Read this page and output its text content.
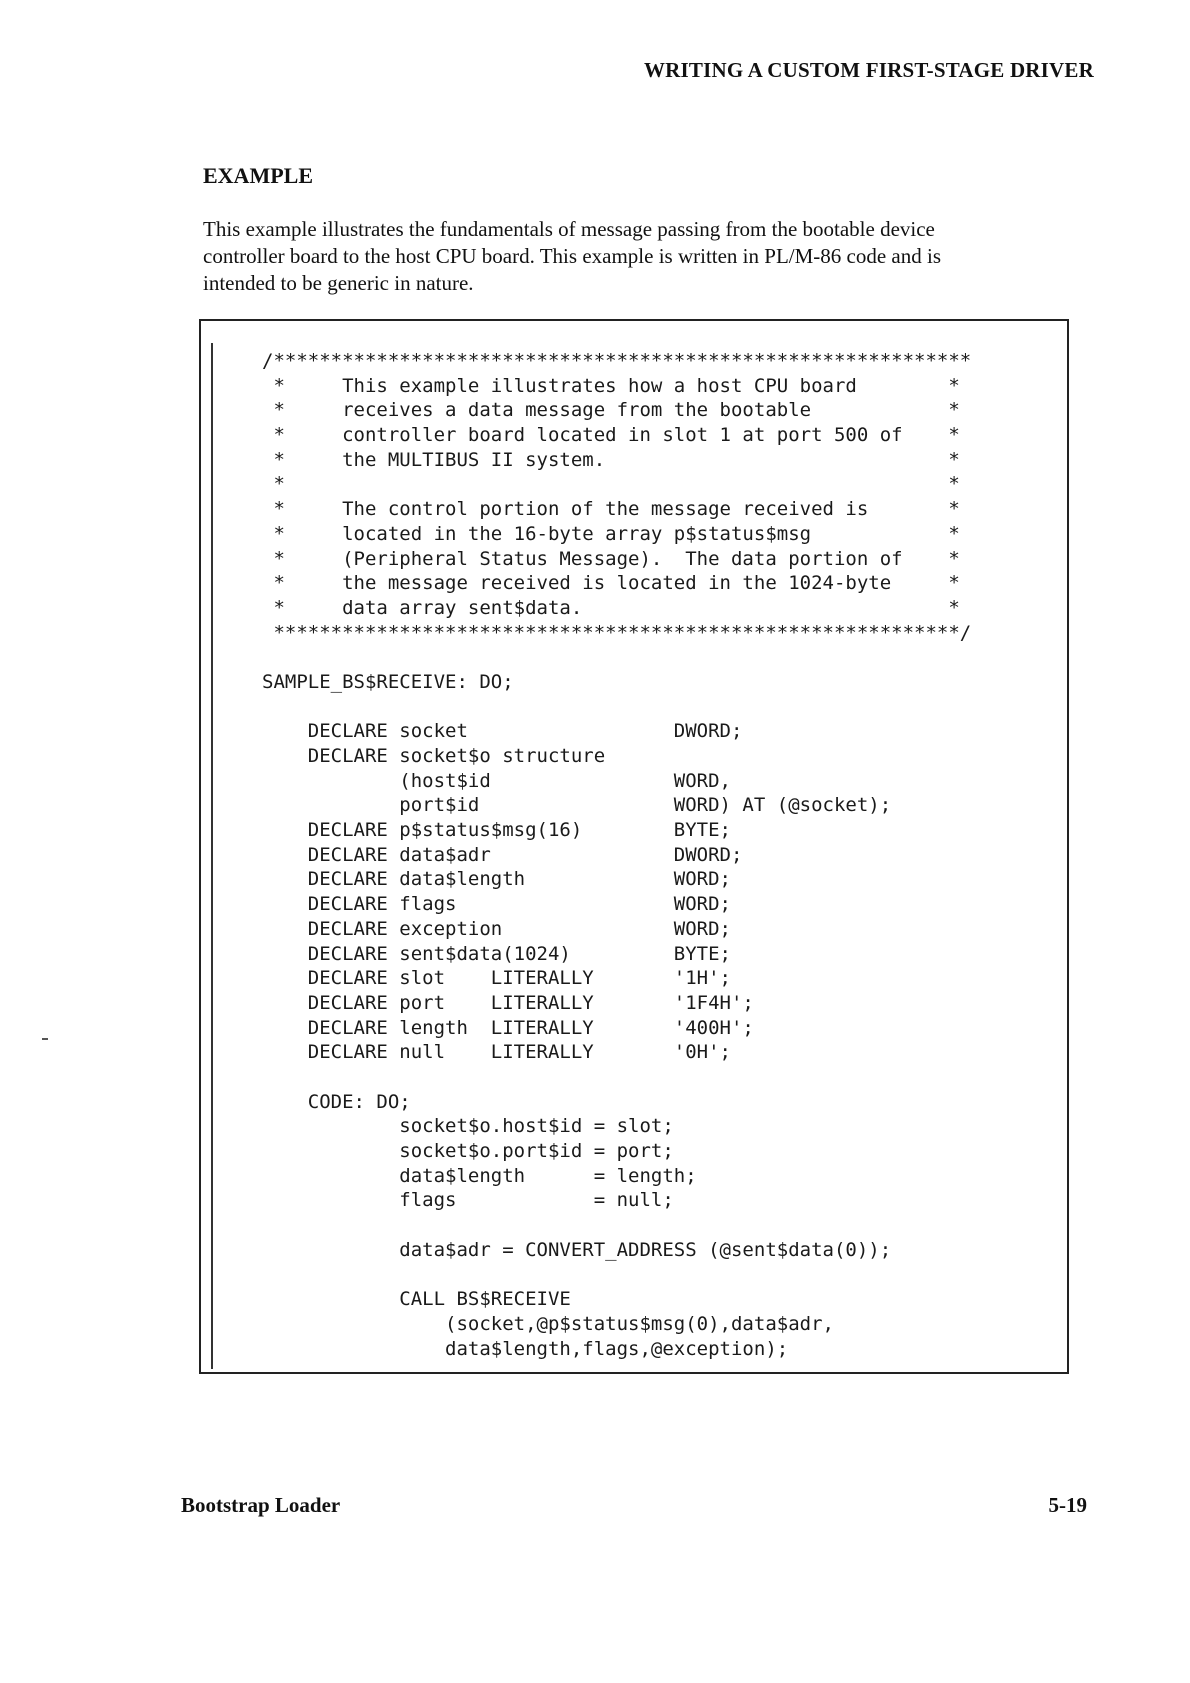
WRITING A CUSTOM FIRST-STAGE DRIVER
EXAMPLE
This example illustrates the fundamentals of message passing from the bootable device
controller board to the host CPU board. This example is written in PL/M-86 code and is
intended to be generic in nature.
/*************************************************************
*     This example illustrates how a host CPU board        *
*     receives a data message from the bootable            *
*     controller board located in slot 1 at port 500 of    *
*     the MULTIBUS II system.                              *
*                                                          *
*     The control portion of the message received is       *
*     located in the 16-byte array p$status$msg            *
*     (Peripheral Status Message).  The data portion of    *
*     the message received is located in the 1024-byte     *
*     data array sent$data.                                *
************************************************************/
SAMPLE_BS$RECEIVE: DO;
DECLARE socket                  DWORD;
DECLARE socket$o structure
(host$id                WORD,
port$id                 WORD) AT (@socket);
DECLARE p$status$msg(16)        BYTE;
DECLARE data$adr                DWORD;
DECLARE data$length             WORD;
DECLARE flags                   WORD;
DECLARE exception               WORD;
DECLARE sent$data(1024)         BYTE;
DECLARE slot    LITERALLY       '1H';
DECLARE port    LITERALLY       '1F4H';
DECLARE length  LITERALLY       '400H';
DECLARE null    LITERALLY       '0H';
CODE: DO;
socket$o.host$id = slot;
socket$o.port$id = port;
data$length      = length;
flags            = null;
data$adr = CONVERT_ADDRESS (@sent$data(0));
CALL BS$RECEIVE
(socket,@p$status$msg(0),data$adr,
data$length,flags,@exception);
Bootstrap Loader	5-19
